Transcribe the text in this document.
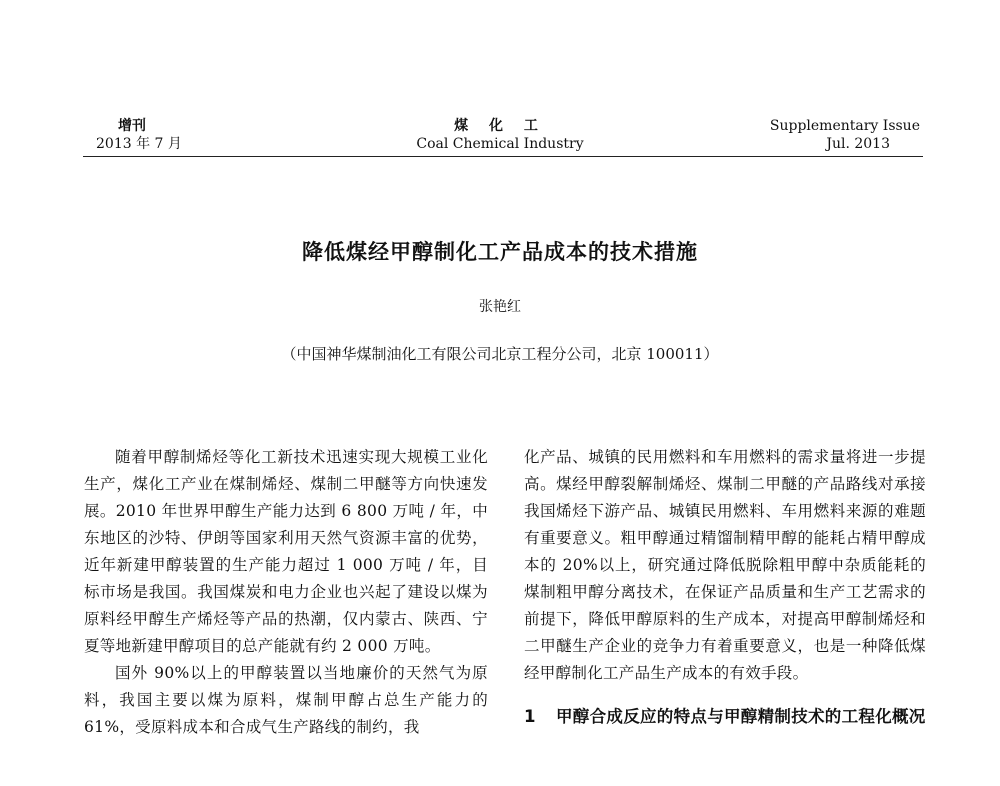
增刊
2013 年 7 月
煤 化 工
Coal Chemical Industry
Supplementary Issue
Jul. 2013
降低煤经甲醇制化工产品成本的技术措施
张艳红
（中国神华煤制油化工有限公司北京工程分公司，北京 100011）

随着甲醇制烯烃等化工新技术迅速实现大规模工业化生产，煤化工产业在煤制烯烃、煤制二甲醚等方向快速发展。2010 年世界甲醇生产能力达到 6 800 万吨 / 年，中东地区的沙特、伊朗等国家利用天然气资源丰富的优势，近年新建甲醇装置的生产能力超过 1 000 万吨 / 年，目标市场是我国。我国煤炭和电力企业也兴起了建设以煤为原料经甲醇生产烯烃等产品的热潮，仅内蒙古、陕西、宁夏等地新建甲醇项目的总产能就有约 2 000 万吨。

国外 90%以上的甲醇装置以当地廉价的天然气为原料，我国主要以煤为原料，煤制甲醇占总生产能力的 61%，受原料成本和合成气生产路线的制约，我

化产品、城镇的民用燃料和车用燃料的需求量将进一步提高。煤经甲醇裂解制烯烃、煤制二甲醚的产品路线对承接我国烯烃下游产品、城镇民用燃料、车用燃料来源的难题有重要意义。粗甲醇通过精馏制精甲醇的能耗占精甲醇成本的 20%以上，研究通过降低脱除粗甲醇中杂质能耗的煤制粗甲醇分离技术，在保证产品质量和生产工艺需求的前提下，降低甲醇原料的生产成本，对提高甲醇制烯烃和二甲醚生产企业的竞争力有着重要意义，也是一种降低煤经甲醇制化工产品生产成本的有效手段。

1	甲醇合成反应的特点与甲醇精制技术的工程化概况
